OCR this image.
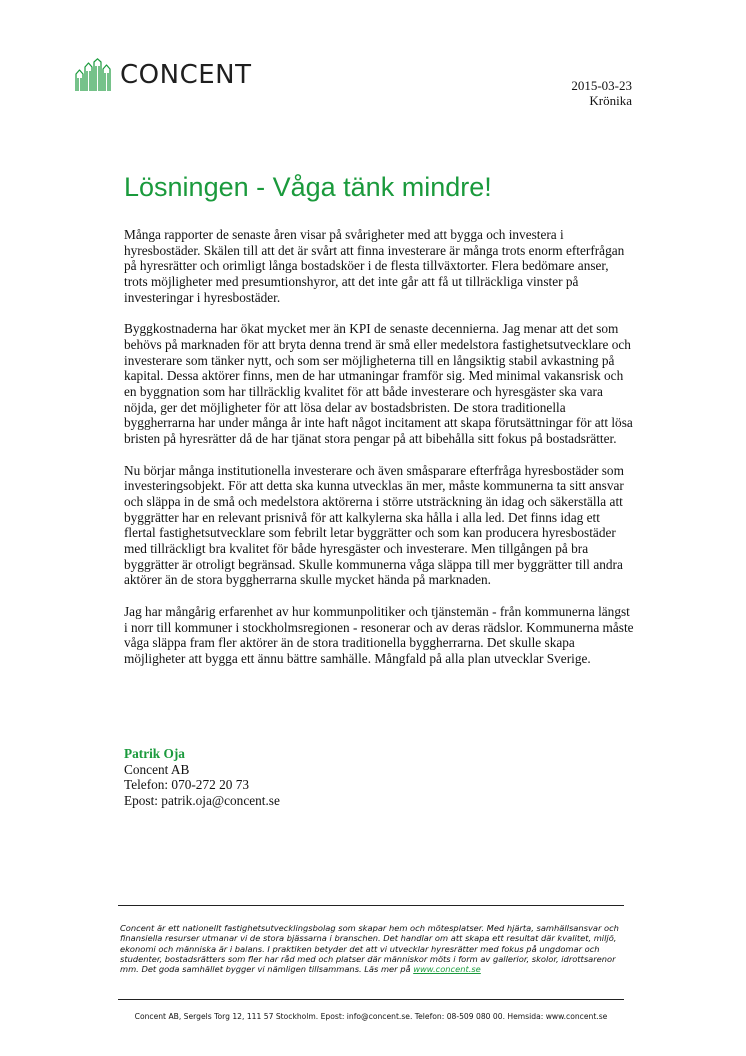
CONCENT	2015-03-23
Krönika
Lösningen - Våga tänk mindre!

Många rapporter de senaste åren visar på svårigheter med att bygga och investera i hyresbostäder. Skälen till att det är svårt att finna investerare är många trots enorm efterfrågan på hyresrätter och orimligt långa bostadsköer i de flesta tillväxtorter. Flera bedömare anser, trots möjligheter med presumtionshyror, att det inte går att få ut tillräckliga vinster på investeringar i hyresbostäder.

Byggkostnaderna har ökat mycket mer än KPI de senaste decennierna. Jag menar att det som behövs på marknaden för att bryta denna trend är små eller medelstora fastighetsutvecklare och investerare som tänker nytt, och som ser möjligheterna till en långsiktig stabil avkastning på kapital. Dessa aktörer finns, men de har utmaningar framför sig. Med minimal vakansrisk och en byggnation som har tillräcklig kvalitet för att både investerare och hyresgäster ska vara nöjda, ger det möjligheter för att lösa delar av bostadsbristen. De stora traditionella byggherrarna har under många år inte haft något incitament att skapa förutsättningar för att lösa bristen på hyresrätter då de har tjänat stora pengar på att bibehålla sitt fokus på bostadsrätter.

Nu börjar många institutionella investerare och även småsparare efterfråga hyresbostäder som investeringsobjekt. För att detta ska kunna utvecklas än mer, måste kommunerna ta sitt ansvar och släppa in de små och medelstora aktörerna i större utsträckning än idag och säkerställa att byggrätter har en relevant prisnivå för att kalkylerna ska hålla i alla led. Det finns idag ett flertal fastighetsutvecklare som febrilt letar byggrätter och som kan producera hyresbostäder med tillräckligt bra kvalitet för både hyresgäster och investerare. Men tillgången på bra byggrätter är otroligt begränsad. Skulle kommunerna våga släppa till mer byggrätter till andra aktörer än de stora byggherrarna skulle mycket hända på marknaden.

Jag har mångårig erfarenhet av hur kommunpolitiker och tjänstemän - från kommunerna längst i norr till kommuner i stockholmsregionen - resonerar och av deras rädslor. Kommunerna måste våga släppa fram fler aktörer än de stora traditionella byggherrarna. Det skulle skapa möjligheter att bygga ett ännu bättre samhälle. Mångfald på alla plan utvecklar Sverige.

Patrik Oja
Concent AB
Telefon: 070-272 20 73
Epost: patrik.oja@concent.se
Concent är ett nationellt fastighetsutvecklingsbolag som skapar hem och mötesplatser. Med hjärta, samhällsansvar och finansiella resurser utmanar vi de stora bjässarna i branschen. Det handlar om att skapa ett resultat där kvalitet, miljö, ekonomi och människa är i balans. I praktiken betyder det att vi utvecklar hyresrätter med fokus på ungdomar och studenter, bostadsrätters som fler har råd med och platser där människor möts i form av gallerior, skolor, idrottsarenor mm. Det goda samhället bygger vi nämligen tillsammans. Läs mer på www.concent.se
Concent AB, Sergels Torg 12, 111 57 Stockholm. Epost: info@concent.se. Telefon: 08-509 080 00. Hemsida: www.concent.se
